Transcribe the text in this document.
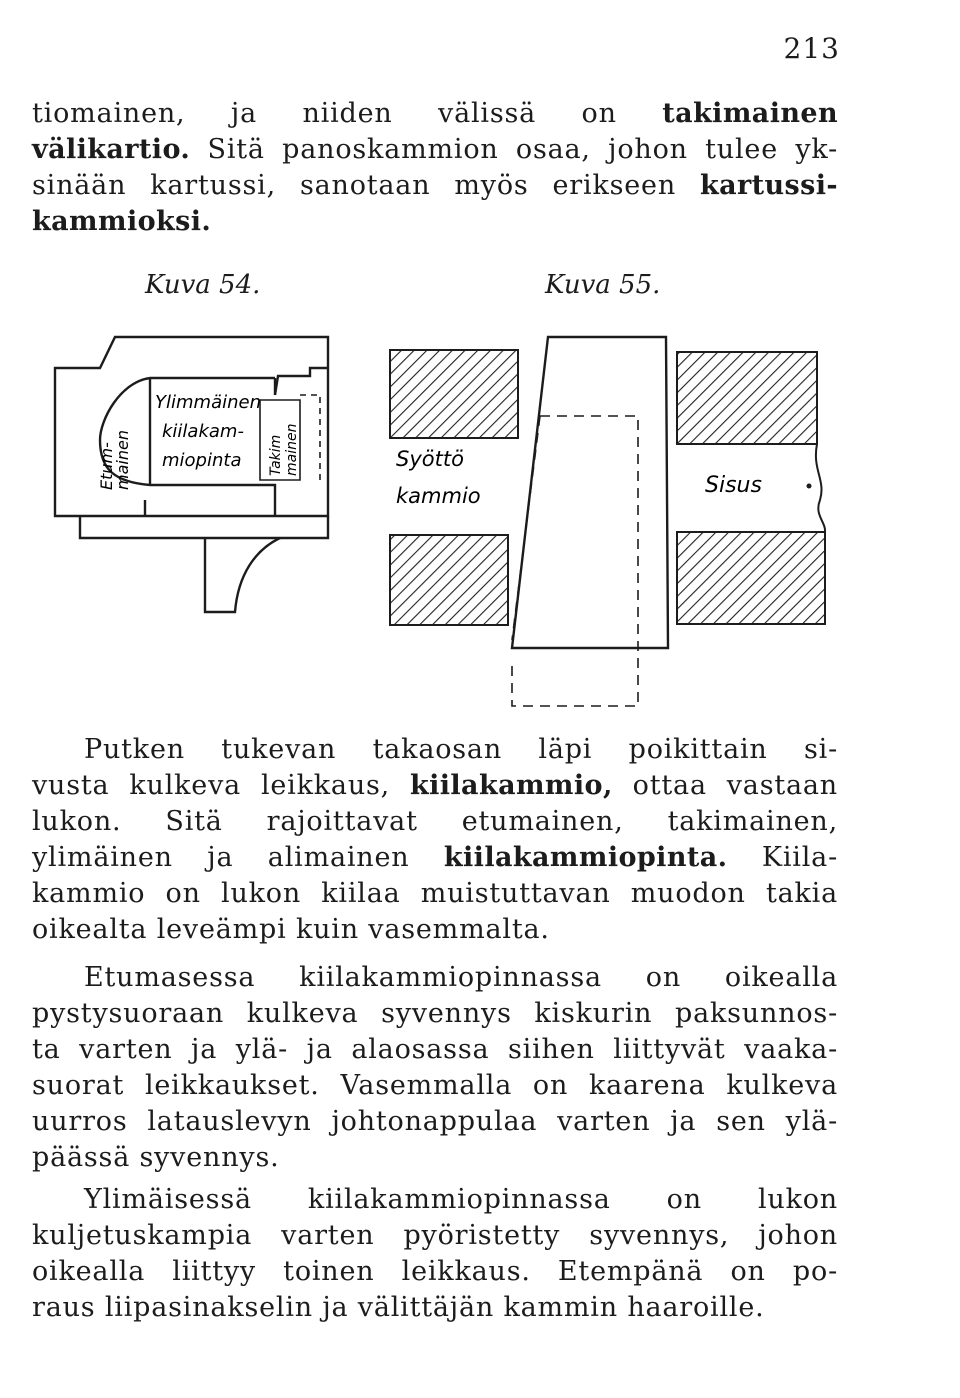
213

tiomainen, ja niiden välissä on takimainen
välikartio. Sitä panoskammion osaa, johon tulee yk-
sinään kartussi, sanotaan myös erikseen kartussi-
kammioksi.

Kuva 54.	Kuva 55.
Etum-
mainen
Ylimmäinen
kiilakam-
miopinta Takim mainen	Syöttö
kammio	Sisus

Putken tukevan takaosan läpi poikittain si-
vusta kulkeva leikkaus, kiilakammio, ottaa vastaan
lukon. Sitä rajoittavat etumainen, takimainen,
ylimäinen ja alimainen kiilakammiopinta. Kiila-
kammio on lukon kiilaa muistuttavan muodon takia
oikealta leveämpi kuin vasemmalta.

Etumasessa kiilakammiopinnassa on oikealla
pystysuoraan kulkeva syvennys kiskurin paksunnos-
ta varten ja ylä- ja alaosassa siihen liittyvät vaaka-
suorat leikkaukset. Vasemmalla on kaarena kulkeva
uurros latauslevyn johtonappulaa varten ja sen ylä-
päässä syvennys.

Ylimäisessä kiilakammiopinnassa on lukon
kuljetuskampia varten pyöristetty syvennys, johon
oikealla liittyy toinen leikkaus. Etempänä on po-
raus liipasinakselin ja välittäjän kammin haaroille.
